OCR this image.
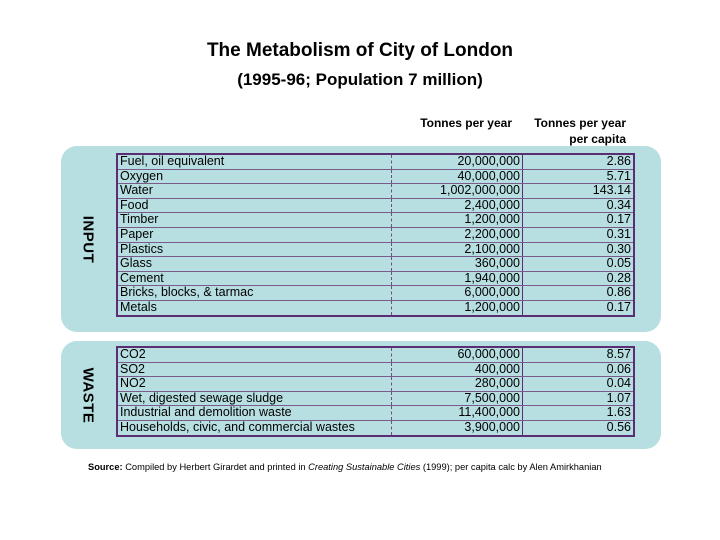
The Metabolism of City of London
(1995-96; Population 7 million)
Tonnes per year	Tonnes per year
per capita
INPUT
WASTE
Fuel, oil equivalent	20,000,000	2.86
Oxygen	40,000,000	5.71
Water	1,002,000,000	143.14
Food	2,400,000	0.34
Timber	1,200,000	0.17
Paper	2,200,000	0.31
Plastics	2,100,000	0.30
Glass	360,000	0.05
Cement	1,940,000	0.28
Bricks, blocks, & tarmac	6,000,000	0.86
Metals	1,200,000	0.17
CO2	60,000,000	8.57
SO2	400,000	0.06
NO2	280,000	0.04
Wet, digested sewage sludge	7,500,000	1.07
Industrial and demolition waste	11,400,000	1.63
Households, civic, and commercial wastes	3,900,000	0.56
Source: Compiled by Herbert Girardet and printed in Creating Sustainable Cities (1999); per capita calc by Alen Amirkhanian
